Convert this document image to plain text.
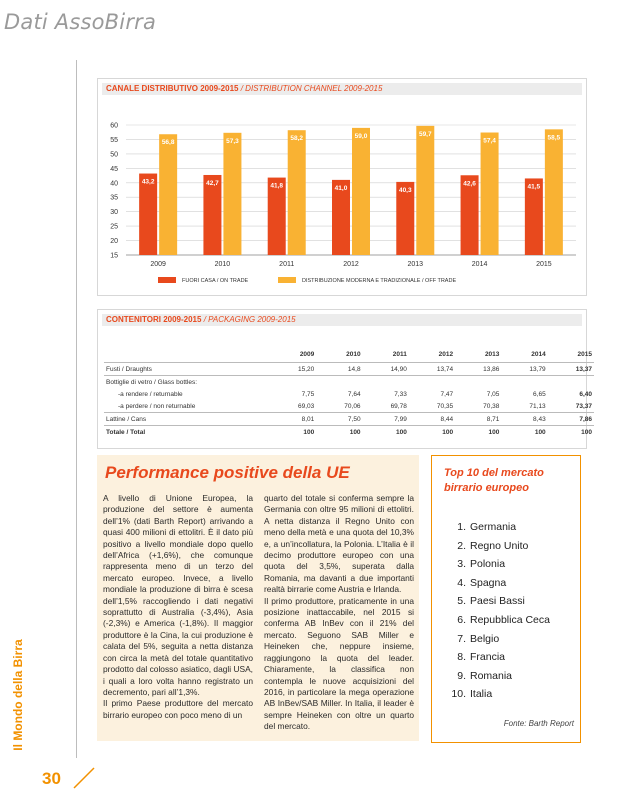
Dati AssoBirra
Il Mondo della Birra
30
CANALE DISTRIBUTIVO 2009-2015 / DISTRIBUTION CHANNEL 2009-2015
60
55
50
45
40
35
30
25
20
15
43,2
56,8
2009
42,7
57,3
2010
41,8
58,2
2011
41,0
59,0
2012
40,3
59,7
2013
42,6
57,4
2014
41,5
58,5
2015
FUORI CASA / ON TRADE	DISTRIBUZIONE MODERNA E TRADIZIONALE / OFF TRADE
CONTENITORI 2009-2015 / PACKAGING 2009-2015
	2009	2010	2011	2012	2013	2014	2015
Fusti / Draughts	15,20	14,8	14,90	13,74	13,86	13,79	13,37
Bottiglie di vetro / Glass bottles:							
-a rendere / returnable	7,75	7,64	7,33	7,47	7,05	6,65	6,40
-a perdere / non returnable	69,03	70,06	69,78	70,35	70,38	71,13	73,37
Lattine / Cans	8,01	7,50	7,99	8,44	8,71	8,43	7,86
Totale / Total	100	100	100	100	100	100	100
Performance positive della UE

A livello di Unione Europea, la produzione del settore è aumenta dell’1% (dati Barth Report) arrivando a quasi 400 milioni di ettolitri. È il dato più positivo a livello mondiale dopo quello dell’Africa (+1,6%), che comunque rappresenta meno di un terzo del mercato europeo. Invece, a livello mondiale la produzione di birra è scesa dell’1,5% raccogliendo i dati negativi soprattutto di Australia (-3,4%), Asia (-2,3%) e America (-1,8%). Il maggior produttore è la Cina, la cui produzione è calata del 5%, seguita a netta distanza con circa la metà del totale quantitativo prodotto dal colosso asiatico, dagli USA, i quali a loro volta hanno registrato un decremento, pari all’1,3%.

Il primo Paese produttore del mercato birrario europeo con poco meno di un

quarto del totale si conferma sempre la Germania con oltre 95 milioni di ettolitri. A netta distanza il Regno Unito con meno della metà e una quota del 10,3% e, a un’incollatura, la Polonia. L’Italia è il decimo produttore europeo con una quota del 3,5%, superata dalla Romania, ma davanti a due importanti realtà birrarie come Austria e Irlanda.

Il primo produttore, praticamente in una posizione inattaccabile, nel 2015 si conferma AB InBev con il 21% del mercato. Seguono SAB Miller e Heineken che, neppure insieme, raggiungono la quota del leader. Chiaramente, la classifica non contempla le nuove acquisizioni del 2016, in particolare la mega operazione AB InBev/SAB Miller. In Italia, il leader è sempre Heineken con oltre un quarto del mercato.

Top 10 del mercato birrario europeo
1. Germania
2. Regno Unito
3. Polonia
4. Spagna
5. Paesi Bassi
6. Repubblica Ceca
7. Belgio
8. Francia
9. Romania
10. Italia
Fonte: Barth Report
